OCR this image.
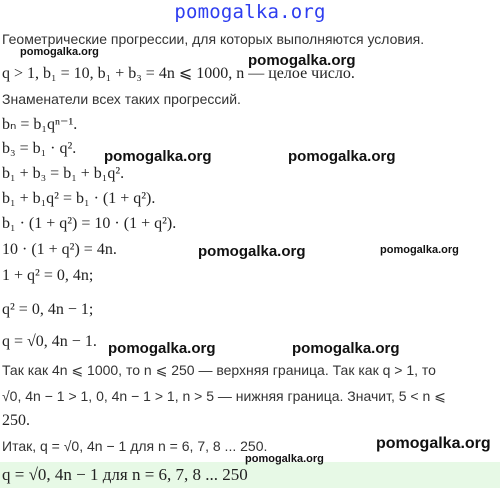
pomogalka.org
Геометрические прогрессии, для которых выполняются условия.
q > 1, b₁ = 10, b₁ + b₃ = 4n ⩽ 1000, n — целое число.
Знаменатели всех таких прогрессий.
bₙ = b₁qⁿ⁻¹.
b₃ = b₁ · q².
b₁ + b₃ = b₁ + b₁q².
b₁ + b₁q² = b₁ · (1 + q²).
b₁ · (1 + q²) = 10 · (1 + q²).
10 · (1 + q²) = 4n.
1 + q² = 0, 4n;
q² = 0, 4n − 1;
q = √0, 4n − 1.
Так как 4n ⩽ 1000, то n ⩽ 250 — верхняя граница. Так как q > 1, то
√0, 4n − 1 > 1, 0, 4n − 1 > 1, n > 5 — нижняя граница. Значит, 5 < n ⩽
250.
Итак, q = √0, 4n − 1 для n = 6, 7, 8 ... 250.
q = √0, 4n − 1 для n = 6, 7, 8 ... 250
pomogalka.org	pomogalka.org
pomogalka.org	pomogalka.org
pomogalka.org	pomogalka.org
pomogalka.org	pomogalka.org
pomogalka.org
pomogalka.org
